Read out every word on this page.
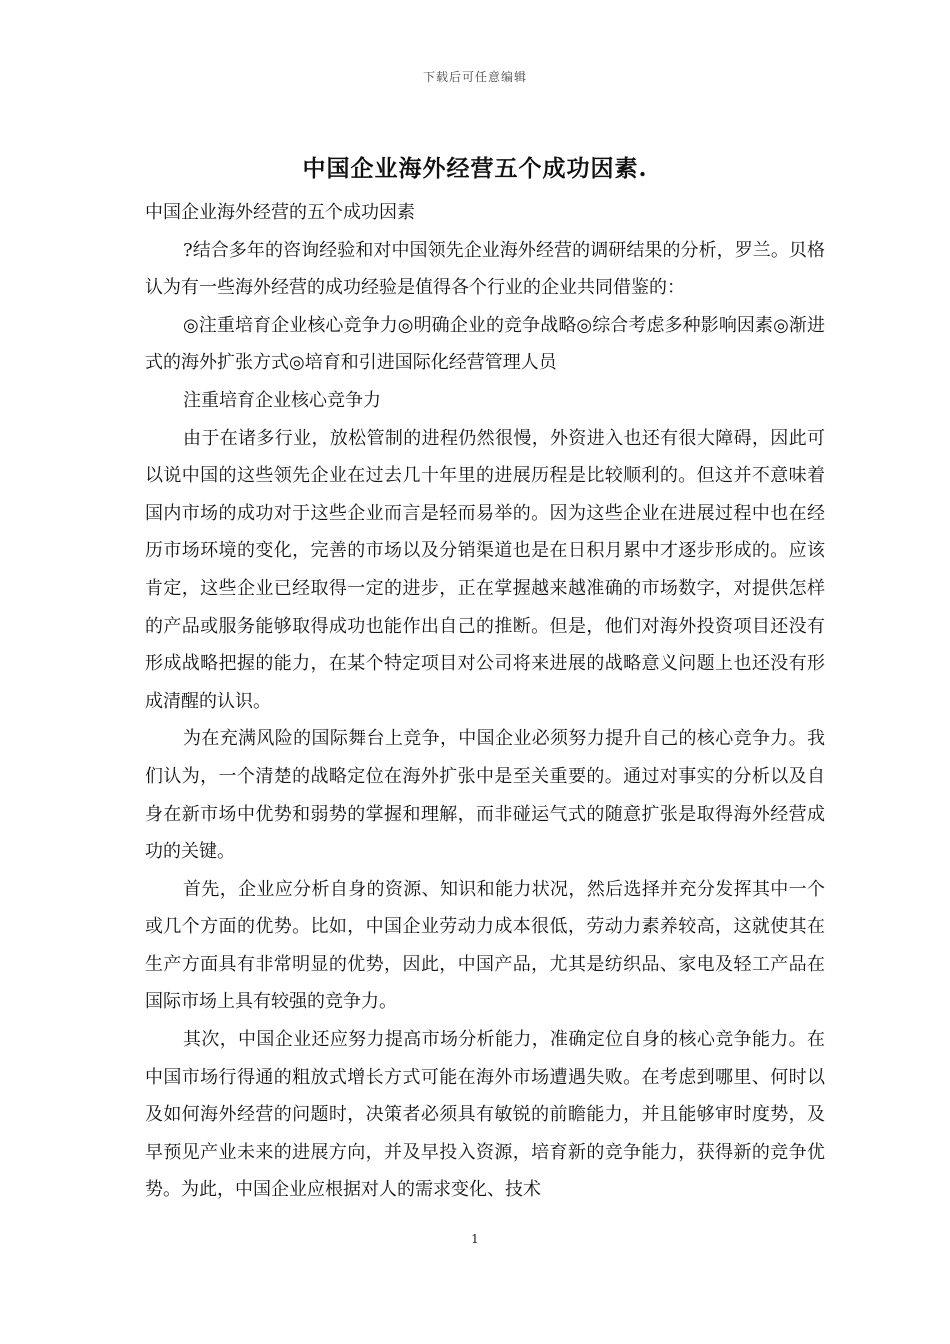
下载后可任意编辑
中国企业海外经营五个成功因素.

中国企业海外经营的五个成功因素

?结合多年的咨询经验和对中国领先企业海外经营的调研结果的分析，罗兰。贝格认为有一些海外经营的成功经验是值得各个行业的企业共同借鉴的：

◎注重培育企业核心竞争力◎明确企业的竞争战略◎综合考虑多种影响因素◎渐进式的海外扩张方式◎培育和引进国际化经营管理人员

注重培育企业核心竞争力

由于在诸多行业，放松管制的进程仍然很慢，外资进入也还有很大障碍，因此可以说中国的这些领先企业在过去几十年里的进展历程是比较顺利的。但这并不意味着国内市场的成功对于这些企业而言是轻而易举的。因为这些企业在进展过程中也在经历市场环境的变化，完善的市场以及分销渠道也是在日积月累中才逐步形成的。应该肯定，这些企业已经取得一定的进步，正在掌握越来越准确的市场数字，对提供怎样的产品或服务能够取得成功也能作出自己的推断。但是，他们对海外投资项目还没有形成战略把握的能力，在某个特定项目对公司将来进展的战略意义问题上也还没有形成清醒的认识。

为在充满风险的国际舞台上竞争，中国企业必须努力提升自己的核心竞争力。我们认为，一个清楚的战略定位在海外扩张中是至关重要的。通过对事实的分析以及自身在新市场中优势和弱势的掌握和理解，而非碰运气式的随意扩张是取得海外经营成功的关键。

首先，企业应分析自身的资源、知识和能力状况，然后选择并充分发挥其中一个或几个方面的优势。比如，中国企业劳动力成本很低，劳动力素养较高，这就使其在生产方面具有非常明显的优势，因此，中国产品，尤其是纺织品、家电及轻工产品在国际市场上具有较强的竞争力。

其次，中国企业还应努力提高市场分析能力，准确定位自身的核心竞争能力。在中国市场行得通的粗放式增长方式可能在海外市场遭遇失败。在考虑到哪里、何时以及如何海外经营的问题时，决策者必须具有敏锐的前瞻能力，并且能够审时度势，及早预见产业未来的进展方向，并及早投入资源，培育新的竞争能力，获得新的竞争优势。为此，中国企业应根据对人的需求变化、技术

1
